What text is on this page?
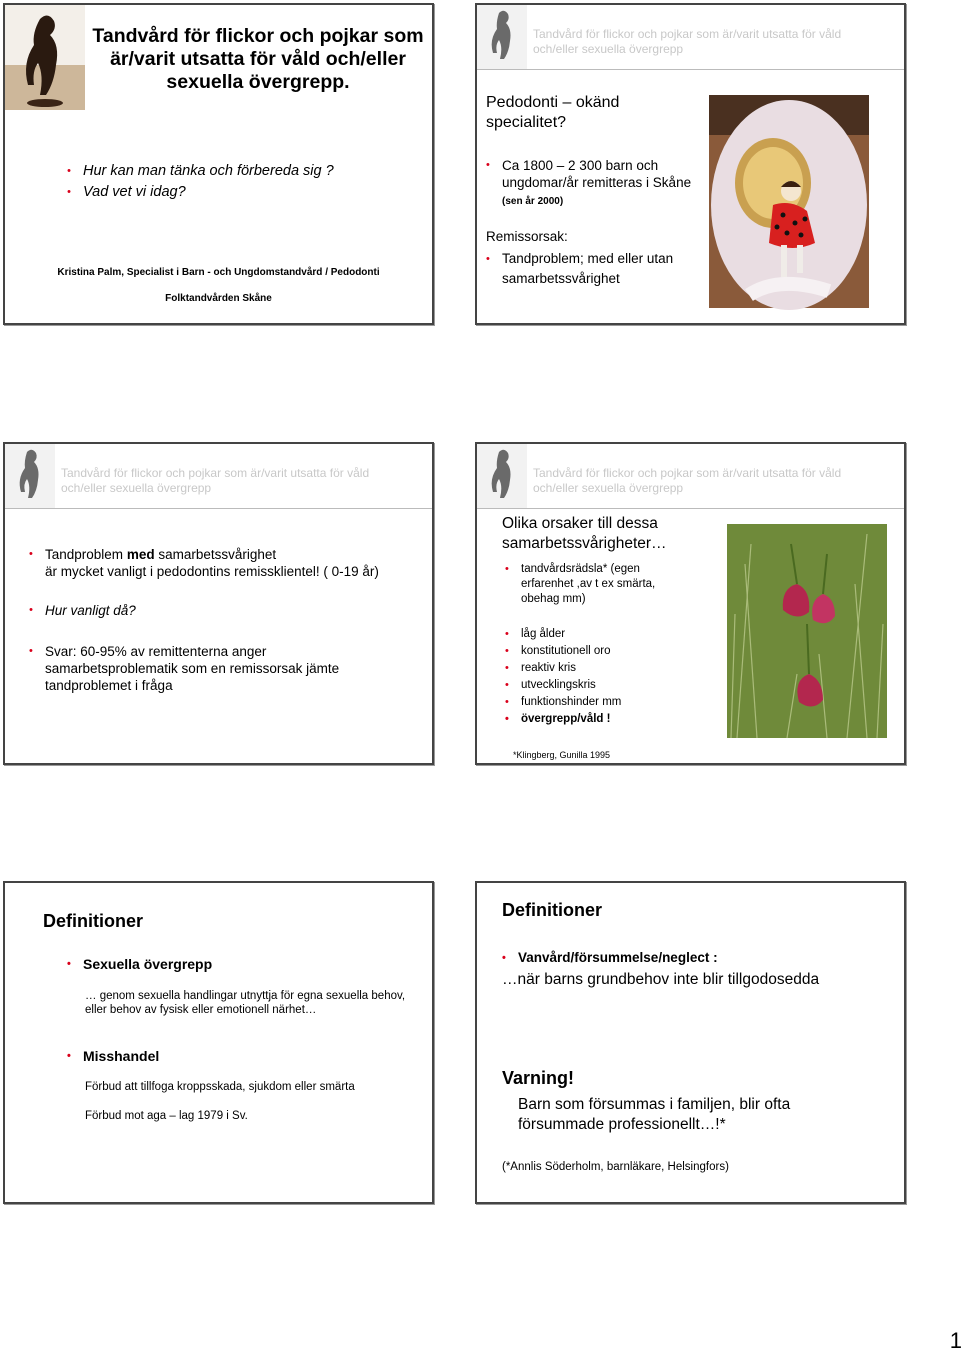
Tandvård för flickor och pojkar som är/varit utsatta för våld och/eller sexuella övergrepp.
• Hur kan man tänka och förbereda sig ?
• Vad vet vi idag?
Kristina Palm, Specialist i Barn - och Ungdomstandvård / Pedodonti
Folktandvården Skåne
Tandvård för flickor och pojkar som är/varit utsatta för våld och/eller sexuella övergrepp
Pedodonti – okänd specialitet?
• Ca 1800 – 2 300 barn och ungdomar/år remitteras i Skåne (sen år 2000)
Remissorsak:
• Tandproblem; med eller utan samarbetssvårighet
Tandvård för flickor och pojkar som är/varit utsatta för våld och/eller sexuella övergrepp
• Tandproblem med samarbetssvårighet
är mycket vanligt i pedodontins remissklientel! ( 0-19 år)
• Hur vanligt då?
• Svar: 60-95% av remittenterna anger samarbetsproblematik som en remissorsak jämte tandproblemet i fråga
Tandvård för flickor och pojkar som är/varit utsatta för våld och/eller sexuella övergrepp
Olika orsaker till dessa samarbetssvårigheter…
• tandvårdsrädsla* (egen erfarenhet ,av t ex smärta, obehag mm)
• låg ålder
• konstitutionell oro
• reaktiv kris
• utvecklingskris
• funktionshinder mm
• övergrepp/våld !
*Klingberg, Gunilla 1995
Definitioner
• Sexuella övergrepp
… genom sexuella handlingar utnyttja för egna sexuella behov, eller behov av fysisk eller emotionell närhet…
• Misshandel
Förbud att tillfoga kroppsskada, sjukdom eller smärta
Förbud mot aga – lag 1979 i Sv.
Definitioner
• Vanvård/försummelse/neglect :
…när barns grundbehov inte blir tillgodosedda
Varning!
Barn som försummas i familjen, blir ofta försummade professionellt…!*
(*Annlis Söderholm, barnläkare, Helsingfors)
1
